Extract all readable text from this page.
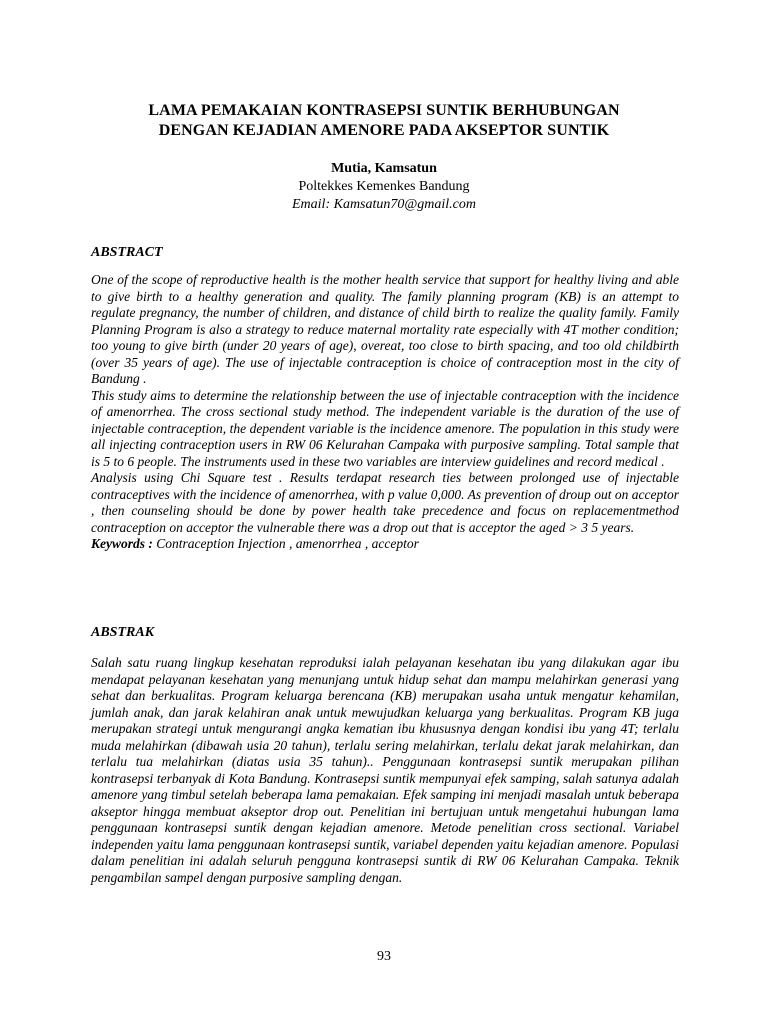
LAMA PEMAKAIAN KONTRASEPSI SUNTIK BERHUBUNGAN
DENGAN KEJADIAN AMENORE PADA AKSEPTOR SUNTIK
Mutia, Kamsatun
Poltekkes Kemenkes Bandung
Email: Kamsatun70@gmail.com
ABSTRACT

One of the scope of reproductive health is the mother health service that support for healthy living and able to give birth to a healthy generation and quality. The family planning program (KB) is an attempt to regulate pregnancy, the number of children, and distance of child birth to realize the quality family. Family Planning Program is also a strategy to reduce maternal mortality rate especially with 4T mother condition; too young to give birth (under 20 years of age), overeat, too close to birth spacing, and too old childbirth (over 35 years of age). The use of injectable contraception is choice of contraception most in the city of Bandung .

This study aims to determine the relationship between the use of injectable contraception with the incidence of amenorrhea. The cross sectional study method. The independent variable is the duration of the use of injectable contraception, the dependent variable is the incidence amenore. The population in this study were all injecting contraception users in RW 06 Kelurahan Campaka with purposive sampling. Total sample that is 5 to 6 people. The instruments used in these two variables are interview guidelines and record medical .

Analysis using Chi Square test . Results terdapat research ties between prolonged use of injectable contraceptives with the incidence of amenorrhea, with p value 0,000. As prevention of droup out on acceptor , then counseling should be done by power health take precedence and focus on replacementmethod contraception on acceptor the vulnerable there was a drop out that is acceptor the aged > 3 5 years.

Keywords : Contraception Injection , amenorrhea , acceptor

ABSTRAK

Salah satu ruang lingkup kesehatan reproduksi ialah pelayanan kesehatan ibu yang dilakukan agar ibu mendapat pelayanan kesehatan yang menunjang untuk hidup sehat dan mampu melahirkan generasi yang sehat dan berkualitas. Program keluarga berencana (KB) merupakan usaha untuk mengatur kehamilan, jumlah anak, dan jarak kelahiran anak untuk mewujudkan keluarga yang berkualitas. Program KB juga merupakan strategi untuk mengurangi angka kematian ibu khususnya dengan kondisi ibu yang 4T; terlalu muda melahirkan (dibawah usia 20 tahun), terlalu sering melahirkan, terlalu dekat jarak melahirkan, dan terlalu tua melahirkan (diatas usia 35 tahun).. Penggunaan kontrasepsi suntik merupakan pilihan kontrasepsi terbanyak di Kota Bandung. Kontrasepsi suntik mempunyai efek samping, salah satunya adalah amenore yang timbul setelah beberapa lama pemakaian. Efek samping ini menjadi masalah untuk beberapa akseptor hingga membuat akseptor drop out. Penelitian ini bertujuan untuk mengetahui hubungan lama penggunaan kontrasepsi suntik dengan kejadian amenore. Metode penelitian cross sectional. Variabel independen yaitu lama penggunaan kontrasepsi suntik, variabel dependen yaitu kejadian amenore. Populasi dalam penelitian ini adalah seluruh pengguna kontrasepsi suntik di RW 06 Kelurahan Campaka. Teknik pengambilan sampel dengan purposive sampling dengan.

93
